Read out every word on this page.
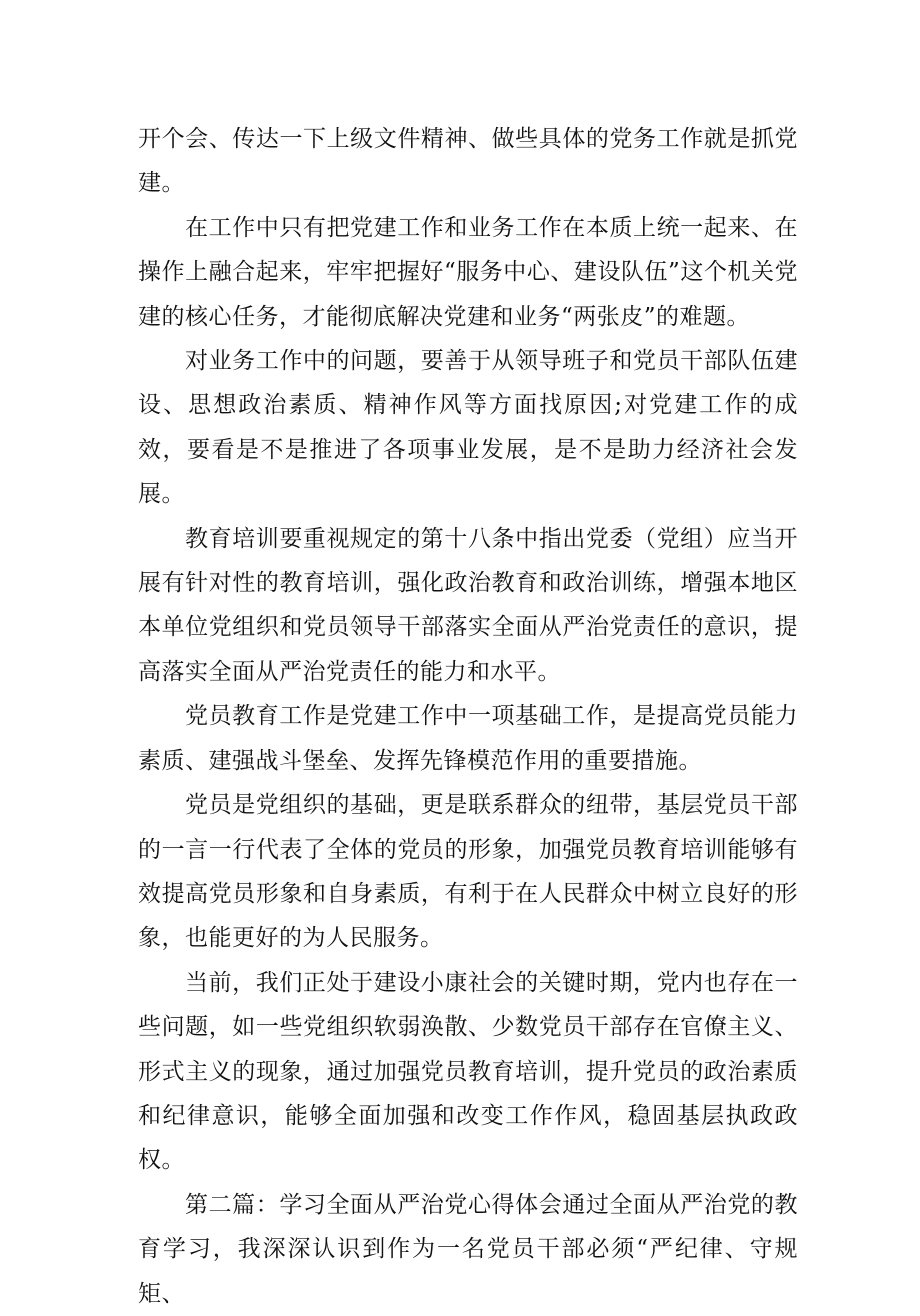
开个会、传达一下上级文件精神、做些具体的党务工作就是抓党建。

在工作中只有把党建工作和业务工作在本质上统一起来、在操作上融合起来，牢牢把握好“服务中心、建设队伍”这个机关党建的核心任务，才能彻底解决党建和业务“两张皮”的难题。

对业务工作中的问题，要善于从领导班子和党员干部队伍建设、思想政治素质、精神作风等方面找原因;对党建工作的成效，要看是不是推进了各项事业发展，是不是助力经济社会发展。

教育培训要重视规定的第十八条中指出党委（党组）应当开展有针对性的教育培训，强化政治教育和政治训练，增强本地区本单位党组织和党员领导干部落实全面从严治党责任的意识，提高落实全面从严治党责任的能力和水平。

党员教育工作是党建工作中一项基础工作，是提高党员能力素质、建强战斗堡垒、发挥先锋模范作用的重要措施。

党员是党组织的基础，更是联系群众的纽带，基层党员干部的一言一行代表了全体的党员的形象，加强党员教育培训能够有效提高党员形象和自身素质，有利于在人民群众中树立良好的形象，也能更好的为人民服务。

当前，我们正处于建设小康社会的关键时期，党内也存在一些问题，如一些党组织软弱涣散、少数党员干部存在官僚主义、形式主义的现象，通过加强党员教育培训，提升党员的政治素质和纪律意识，能够全面加强和改变工作作风，稳固基层执政政权。

第二篇：学习全面从严治党心得体会通过全面从严治党的教育学习，我深深认识到作为一名党员干部必须“严纪律、守规矩、
